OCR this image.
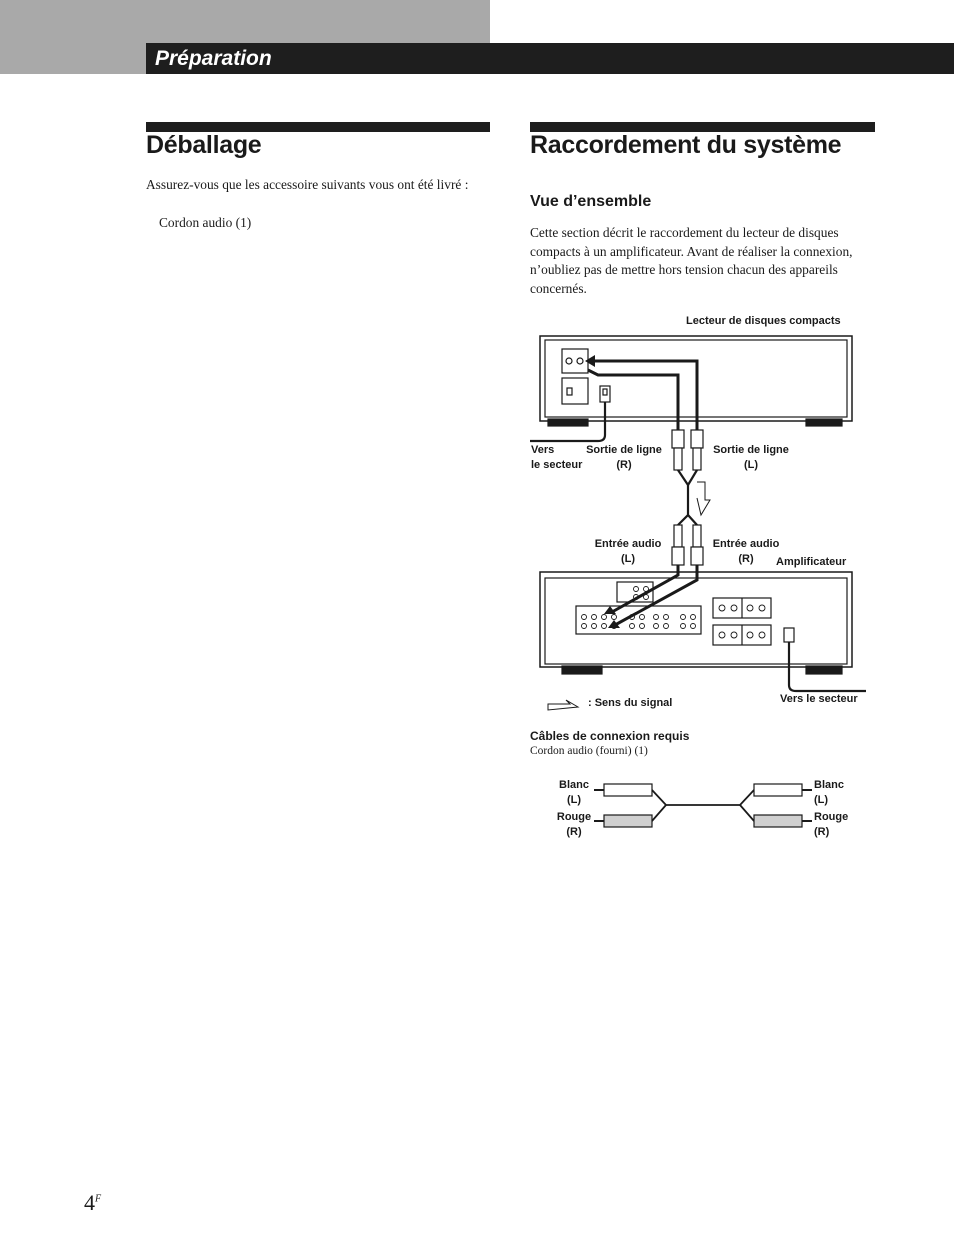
Préparation
Déballage
Assurez-vous que les accessoire suivants vous ont été livré :
Cordon audio (1)
Raccordement du système
Vue d’ensemble
Cette section décrit le raccordement du lecteur de disques compacts à un amplificateur. Avant de réaliser la connexion, n’oubliez pas de mettre hors tension chacun des appareils concernés.
Lecteur de disques compacts
Vers
le secteur
Sortie de ligne
(R)
Sortie de ligne
(L)
Entrée audio
(L)
Entrée audio
(R)	Amplificateur
: Sens du signal	Vers le secteur
Câbles de connexion requis
Cordon audio (fourni) (1)
Blanc
(L)
Rouge
(R)
Blanc
(L)
Rouge
(R)
$4^F$
